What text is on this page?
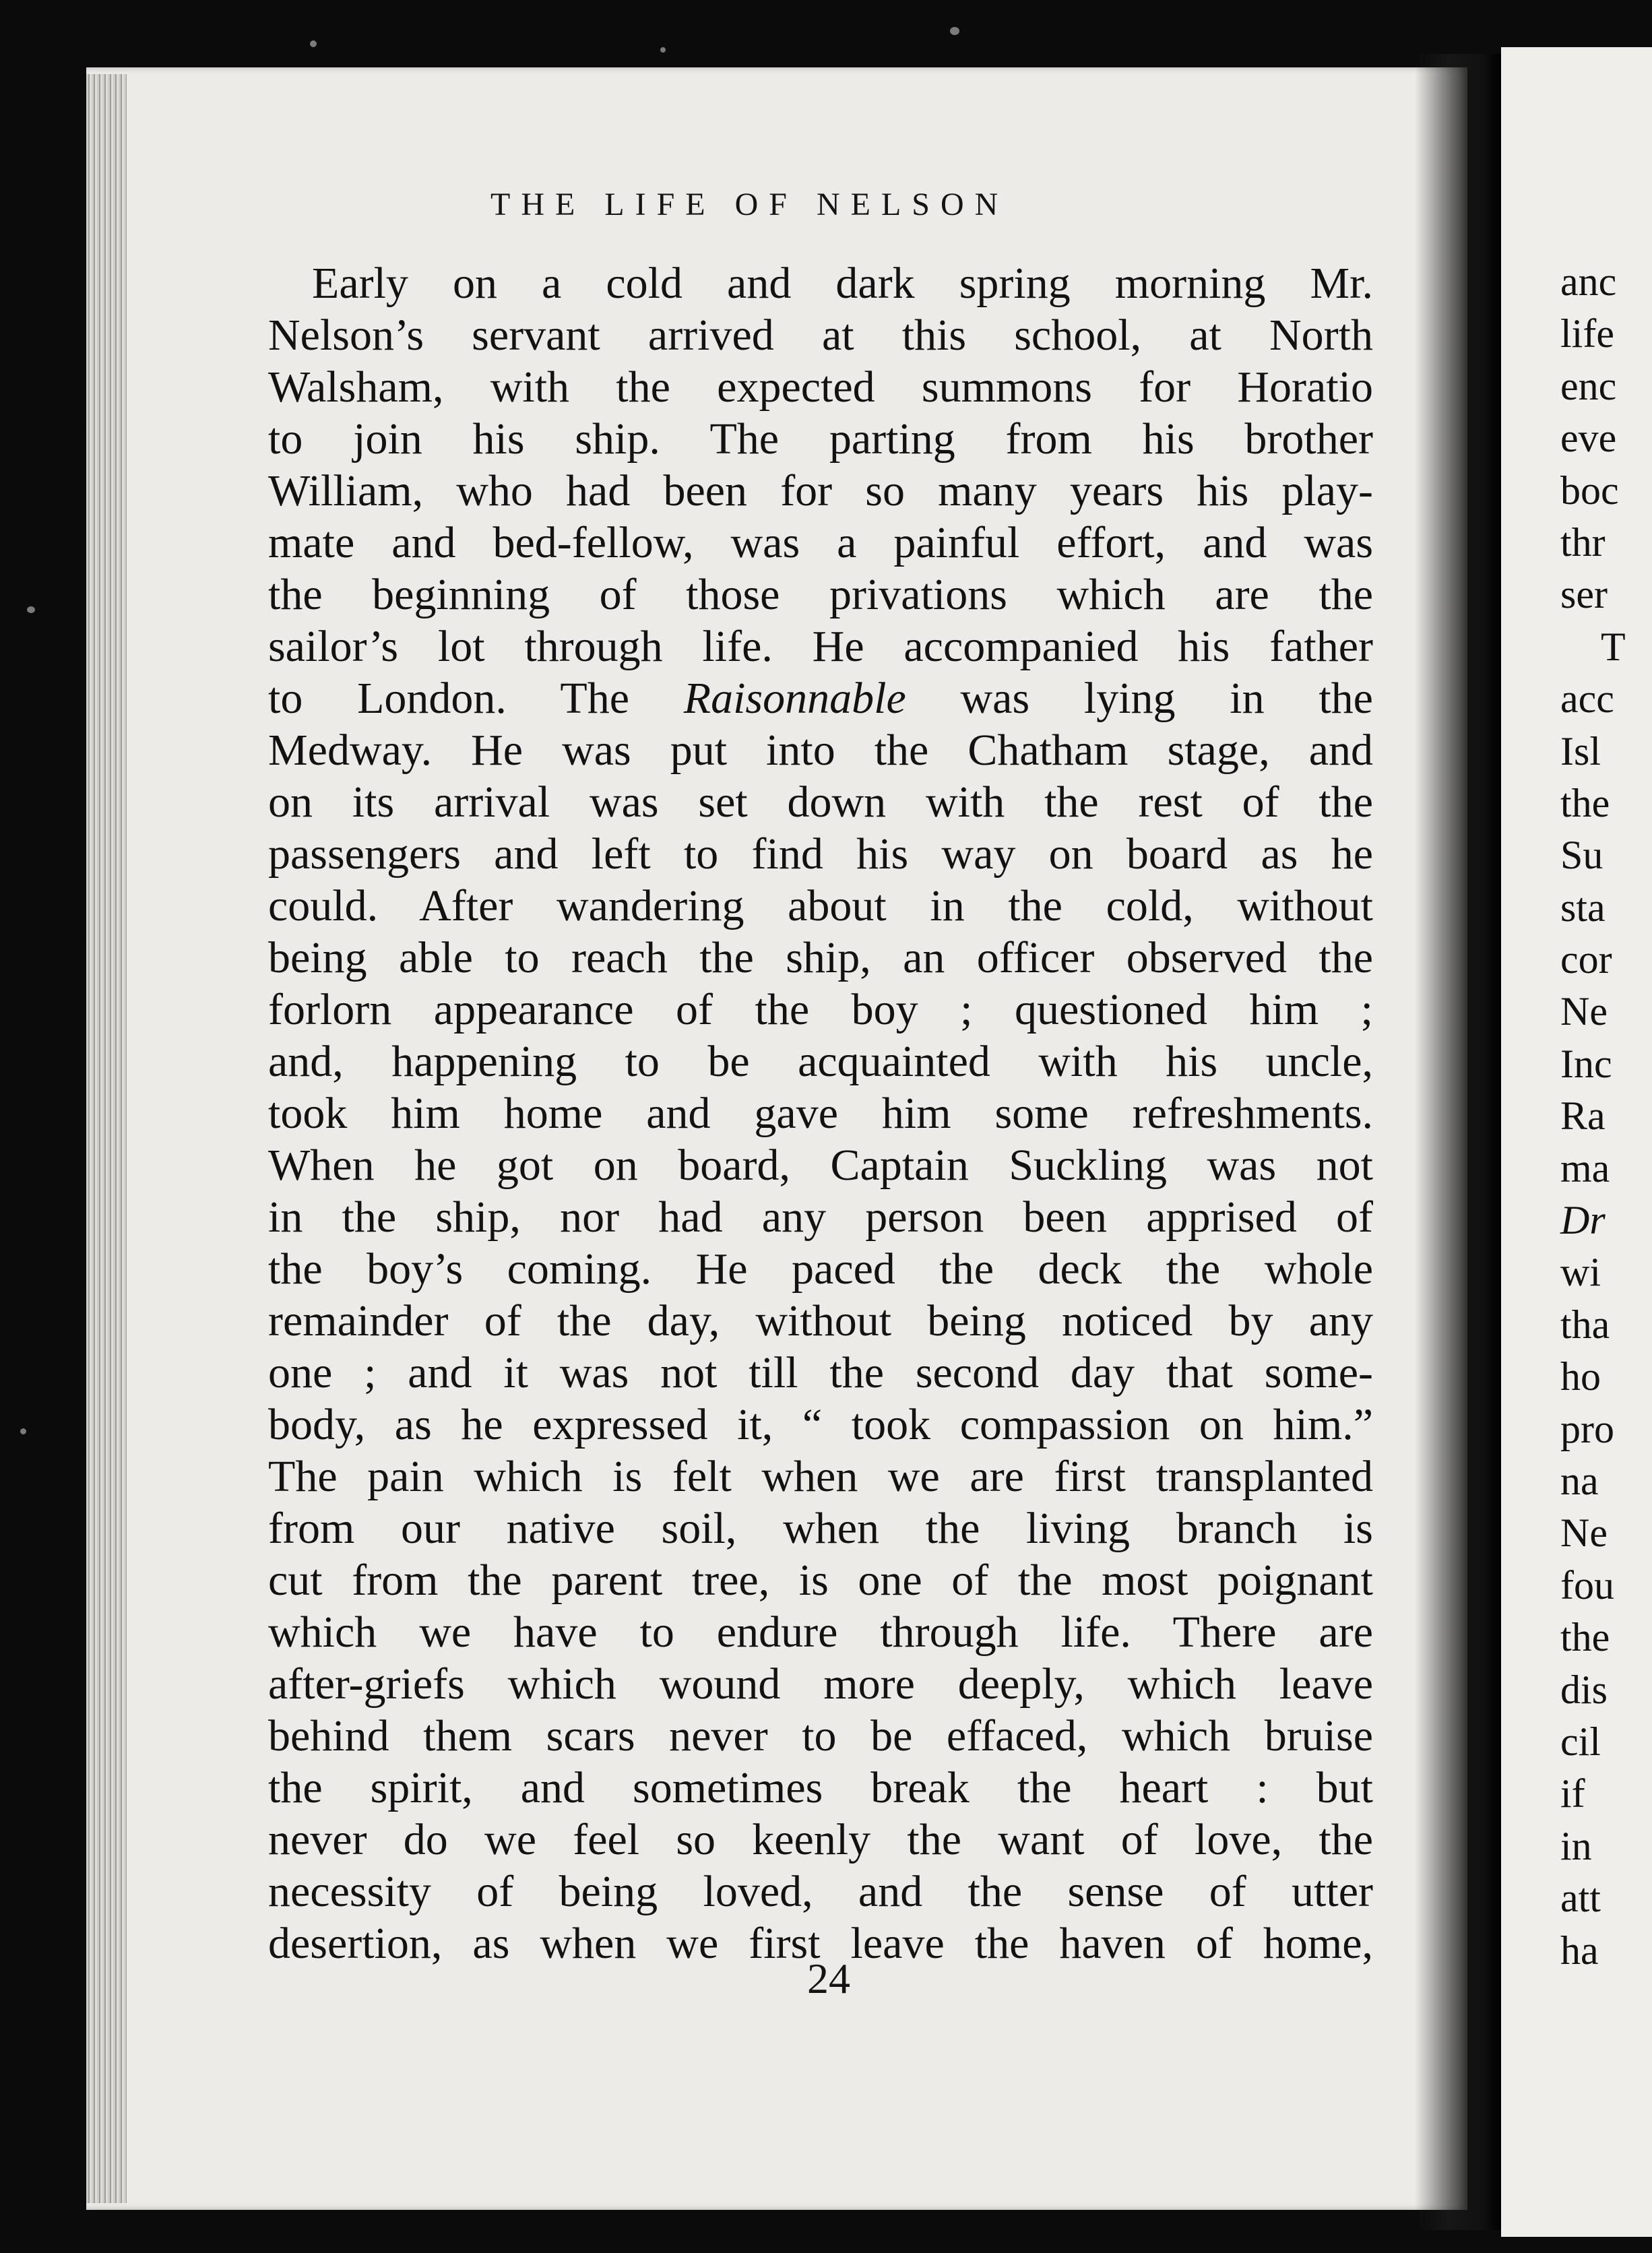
THE LIFE OF NELSON
Early on a cold and dark spring morning Mr.
Nelson’s servant arrived at this school, at North
Walsham, with the expected summons for Horatio
to join his ship. The parting from his brother
William, who had been for so many years his play-
mate and bed-fellow, was a painful effort, and was
the beginning of those privations which are the
sailor’s lot through life. He accompanied his father
to London. The Raisonnable was lying in the
Medway. He was put into the Chatham stage, and
on its arrival was set down with the rest of the
passengers and left to find his way on board as he
could. After wandering about in the cold, without
being able to reach the ship, an officer observed the
forlorn appearance of the boy ; questioned him ;
and, happening to be acquainted with his uncle,
took him home and gave him some refreshments.
When he got on board, Captain Suckling was not
in the ship, nor had any person been apprised of
the boy’s coming. He paced the deck the whole
remainder of the day, without being noticed by any
one ; and it was not till the second day that some-
body, as he expressed it, “ took compassion on him.”
The pain which is felt when we are first transplanted
from our native soil, when the living branch is
cut from the parent tree, is one of the most poignant
which we have to endure through life. There are
after-griefs which wound more deeply, which leave
behind them scars never to be effaced, which bruise
the spirit, and sometimes break the heart : but
never do we feel so keenly the want of love, the
necessity of being loved, and the sense of utter
desertion, as when we first leave the haven of home,
24
anc
life
enc
eve
boc
thr
ser
T
acc
Isl
the
Su
sta
cor
Ne
Inc
Ra
ma
Dr
wi
tha
ho
pro
na
Ne
fou
the
dis
cil
if
in
att
ha
